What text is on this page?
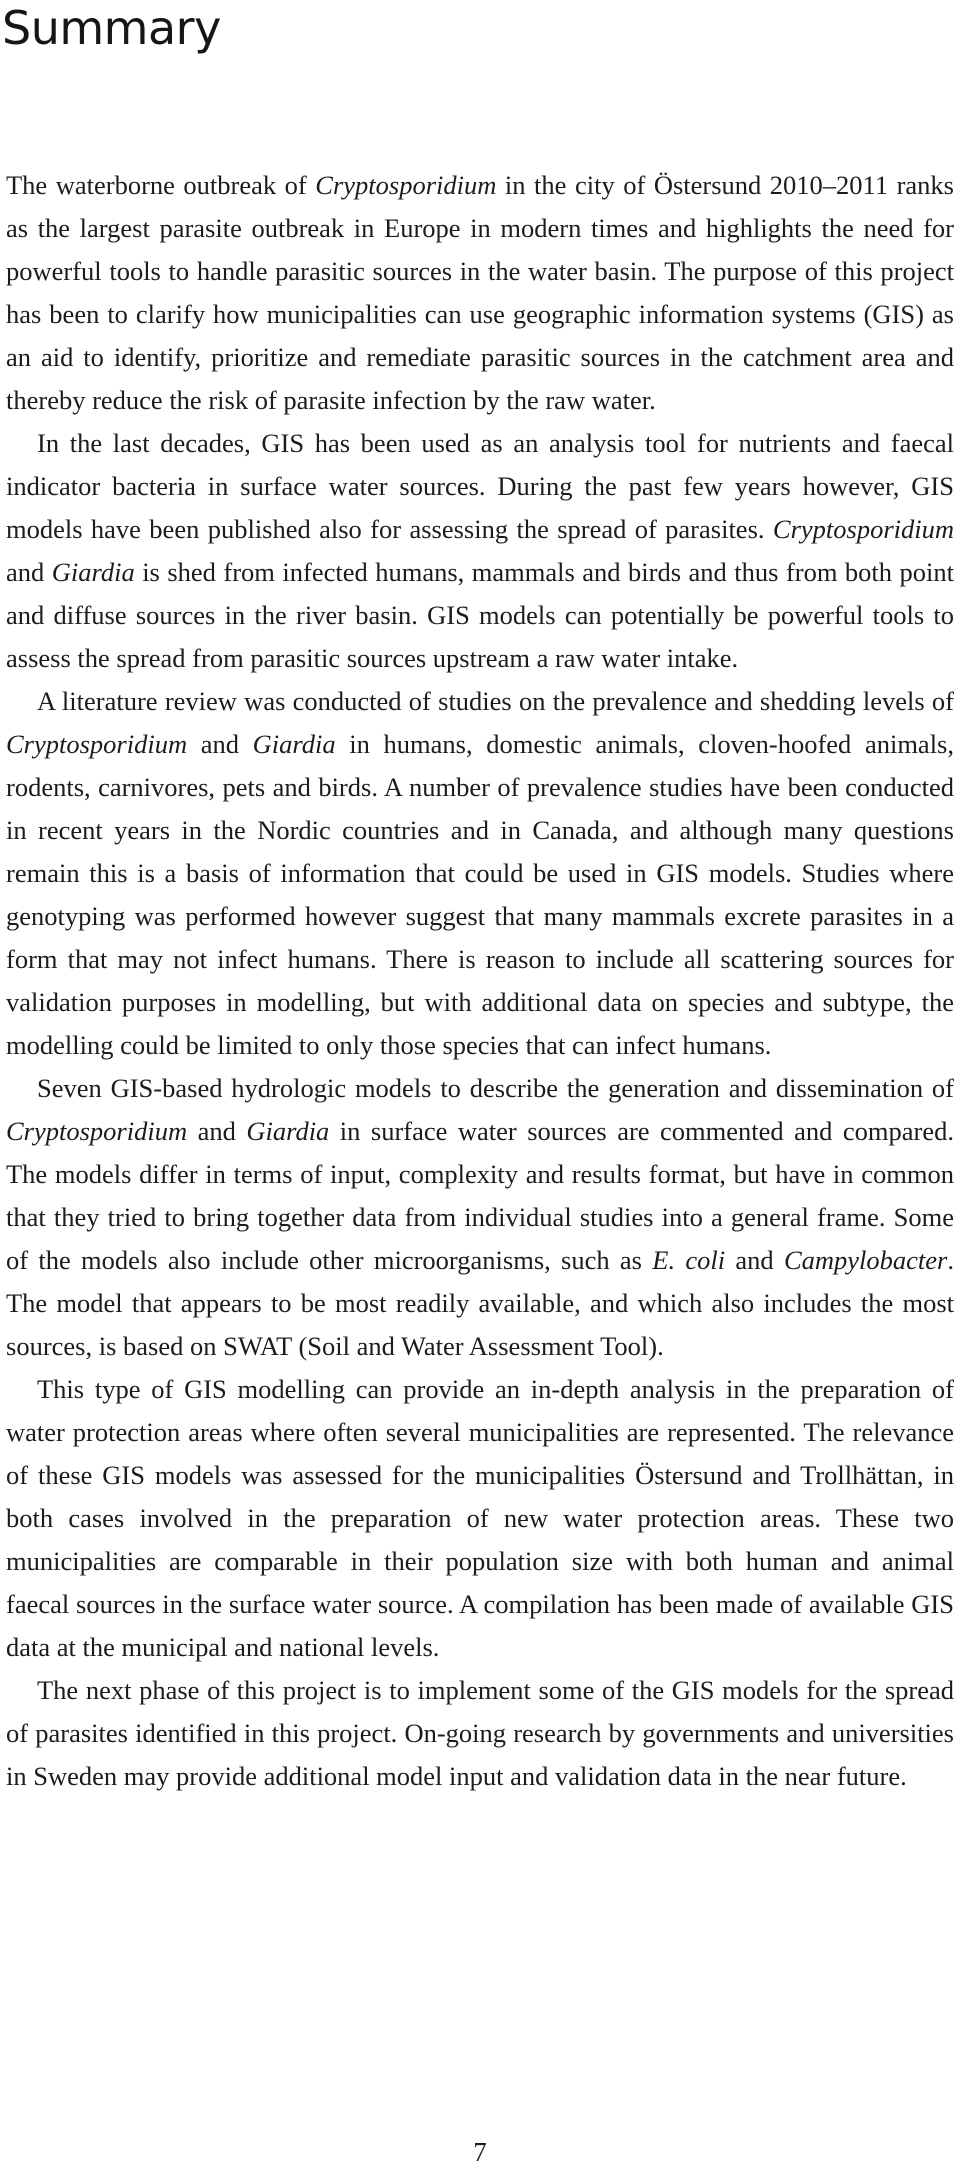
Summary

The waterborne outbreak of Cryptosporidium in the city of Östersund 2010–2011 ranks as the largest parasite outbreak in Europe in modern times and highlights the need for powerful tools to handle parasitic sources in the water basin. The purpose of this project has been to clarify how municipalities can use geographic information systems (GIS) as an aid to identify, prioritize and remediate parasitic sources in the catchment area and thereby reduce the risk of parasite infection by the raw water.

In the last decades, GIS has been used as an analysis tool for nutrients and faecal indicator bacteria in surface water sources. During the past few years however, GIS models have been published also for assessing the spread of parasites. Cryptosporidium and Giardia is shed from infected humans, mammals and birds and thus from both point and diffuse sources in the river basin. GIS models can potentially be powerful tools to assess the spread from parasitic sources upstream a raw water intake.

A literature review was conducted of studies on the prevalence and shedding levels of Cryptosporidium and Giardia in humans, domestic animals, cloven-hoofed animals, rodents, carnivores, pets and birds. A number of prevalence studies have been conducted in recent years in the Nordic countries and in Canada, and although many questions remain this is a basis of information that could be used in GIS models. Studies where genotyping was performed however suggest that many mammals excrete parasites in a form that may not infect humans. There is reason to include all scattering sources for validation purposes in modelling, but with additional data on species and subtype, the modelling could be limited to only those species that can infect humans.

Seven GIS-based hydrologic models to describe the generation and dissemination of Cryptosporidium and Giardia in surface water sources are commented and compared. The models differ in terms of input, complexity and results format, but have in common that they tried to bring together data from individual studies into a general frame. Some of the models also include other microorganisms, such as E. coli and Campylobacter. The model that appears to be most readily available, and which also includes the most sources, is based on SWAT (Soil and Water Assessment Tool).

This type of GIS modelling can provide an in-depth analysis in the preparation of water protection areas where often several municipalities are represented. The relevance of these GIS models was assessed for the municipalities Östersund and Trollhättan, in both cases involved in the preparation of new water protection areas. These two municipalities are comparable in their population size with both human and animal faecal sources in the surface water source. A compilation has been made of available GIS data at the municipal and national levels.

The next phase of this project is to implement some of the GIS models for the spread of parasites identified in this project. On-going research by governments and universities in Sweden may provide additional model input and validation data in the near future.

7
